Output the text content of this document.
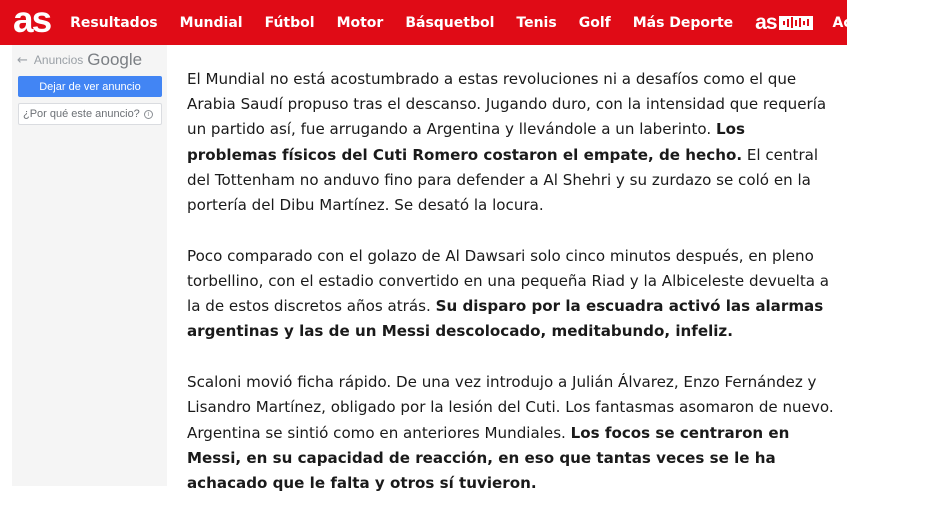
as Resultados Mundial Fútbol Motor Básquetbol Tenis Golf Más Deporte as	Actualidad
← Anuncios Google
Dejar de ver anuncio
¿Por qué este anuncio?	i

El Mundial no está acostumbrado a estas revoluciones ni a desafíos como el que Arabia Saudí propuso tras el descanso. Jugando duro, con la intensidad que requería un partido así, fue arrugando a Argentina y llevándole a un laberinto. Los problemas físicos del Cuti Romero costaron el empate, de hecho. El central del Tottenham no anduvo fino para defender a Al Shehri y su zurdazo se coló en la portería del Dibu Martínez. Se desató la locura.

Poco comparado con el golazo de Al Dawsari solo cinco minutos después, en pleno torbellino, con el estadio convertido en una pequeña Riad y la Albiceleste devuelta a la de estos discretos años atrás. Su disparo por la escuadra activó las alarmas argentinas y las de un Messi descolocado, meditabundo, infeliz.

Scaloni movió ficha rápido. De una vez introdujo a Julián Álvarez, Enzo Fernández y Lisandro Martínez, obligado por la lesión del Cuti. Los fantasmas asomaron de nuevo. Argentina se sintió como en anteriores Mundiales. Los focos se centraron en Messi, en su capacidad de reacción, en eso que tantas veces se le ha achacado que le falta y otros sí tuvieron.
